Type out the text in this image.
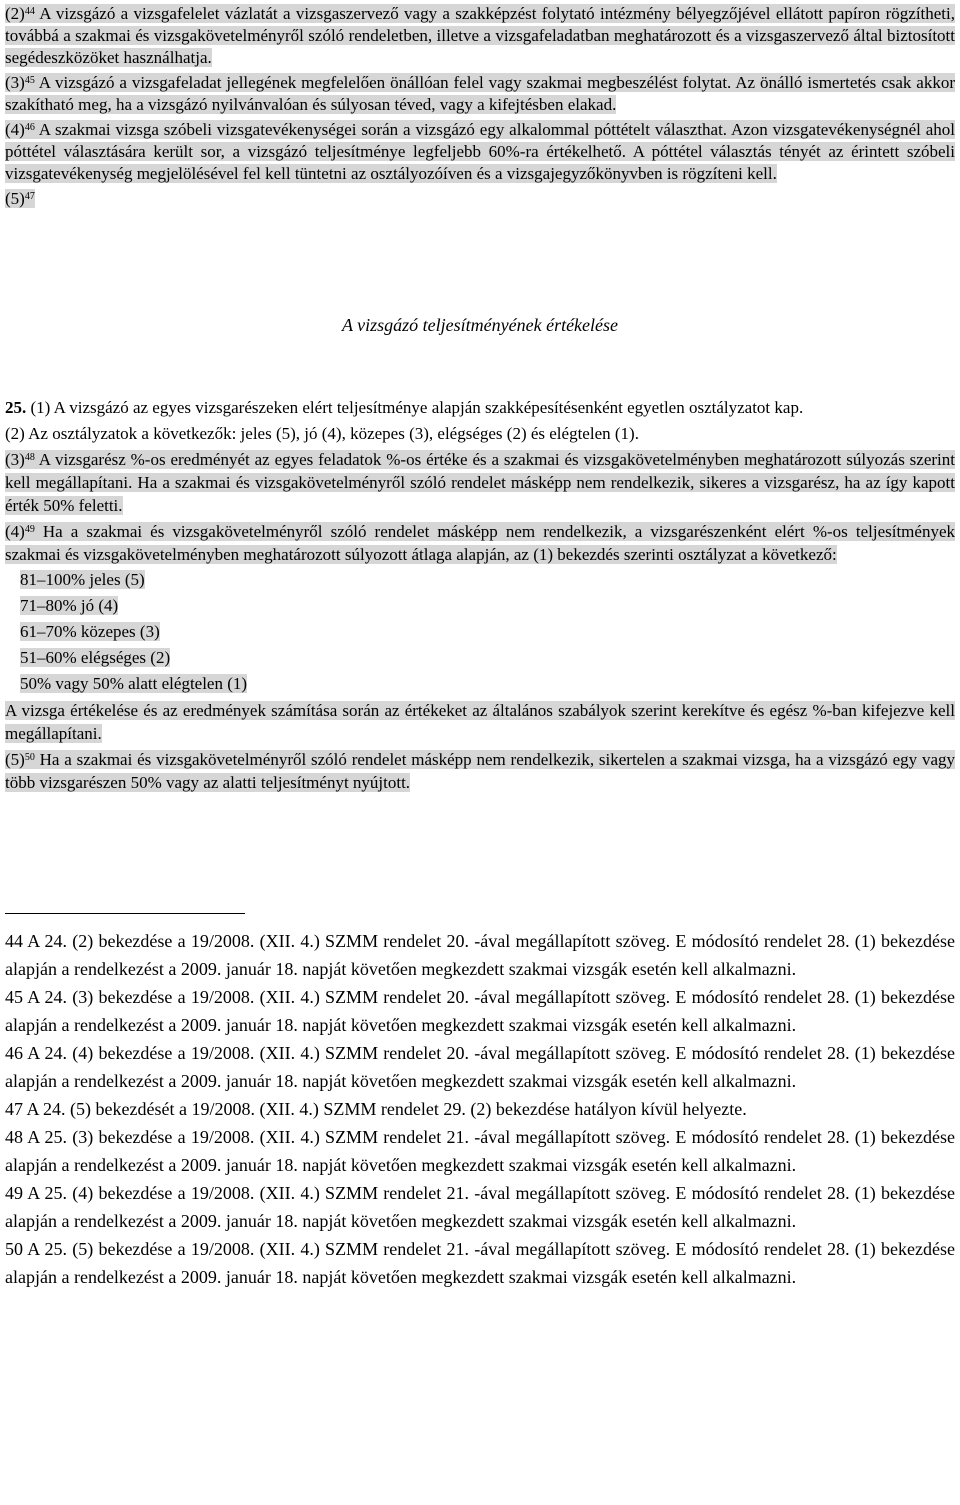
$(2)^{44}$ A vizsgázó a vizsgafelelet vázlatát a vizsgaszervező vagy a szakképzést folytató intézmény bélyegzőjével ellátott papíron rögzítheti, továbbá a szakmai és vizsgakövetelményről szóló rendeletben, illetve a vizsgafeladatban meghatározott és a vizsgaszervező által biztosított segédeszközöket használhatja.

$(3)^{45}$ A vizsgázó a vizsgafeladat jellegének megfelelően önállóan felel vagy szakmai megbeszélést folytat. Az önálló ismertetés csak akkor szakítható meg, ha a vizsgázó nyilvánvalóan és súlyosan téved, vagy a kifejtésben elakad.

$(4)^{46}$ A szakmai vizsga szóbeli vizsgatevékenységei során a vizsgázó egy alkalommal póttételt választhat. Azon vizsgatevékenységnél ahol póttétel választására került sor, a vizsgázó teljesítménye legfeljebb 60%-ra értékelhető. A póttétel választás tényét az érintett szóbeli vizsgatevékenység megjelölésével fel kell tüntetni az osztályozóíven és a vizsgajegyzőkönyvben is rögzíteni kell.

$(5)^{47}$

A vizsgázó teljesítményének értékelése

25. (1) A vizsgázó az egyes vizsgarészeken elért teljesítménye alapján szakképesítésenként egyetlen osztályzatot kap.

(2) Az osztályzatok a következők: jeles (5), jó (4), közepes (3), elégséges (2) és elégtelen (1).

$(3)^{48}$ A vizsgarész %-os eredményét az egyes feladatok %-os értéke és a szakmai és vizsgakövetelményben meghatározott súlyozás szerint kell megállapítani. Ha a szakmai és vizsgakövetelményről szóló rendelet másképp nem rendelkezik, sikeres a vizsgarész, ha az így kapott érték 50% feletti.

$(4)^{49}$ Ha a szakmai és vizsgakövetelményről szóló rendelet másképp nem rendelkezik, a vizsgarészenként elért %-os teljesítmények szakmai és vizsgakövetelményben meghatározott súlyozott átlaga alapján, az (1) bekezdés szerinti osztályzat a következő:

81–100% jeles (5)
71–80% jó (4)
61–70% közepes (3)
51–60% elégséges (2)
50% vagy 50% alatt elégtelen (1)

A vizsga értékelése és az eredmények számítása során az értékeket az általános szabályok szerint kerekítve és egész %-ban kifejezve kell megállapítani.

$(5)^{50}$ Ha a szakmai és vizsgakövetelményről szóló rendelet másképp nem rendelkezik, sikertelen a szakmai vizsga, ha a vizsgázó egy vagy több vizsgarészen 50% vagy az alatti teljesítményt nyújtott.

44 A 24. (2) bekezdése a 19/2008. (XII. 4.) SZMM rendelet 20. -ával megállapított szöveg. E módosító rendelet 28. (1) bekezdése alapján a rendelkezést a 2009. január 18. napját követően megkezdett szakmai vizsgák esetén kell alkalmazni.

45 A 24. (3) bekezdése a 19/2008. (XII. 4.) SZMM rendelet 20. -ával megállapított szöveg. E módosító rendelet 28. (1) bekezdése alapján a rendelkezést a 2009. január 18. napját követően megkezdett szakmai vizsgák esetén kell alkalmazni.

46 A 24. (4) bekezdése a 19/2008. (XII. 4.) SZMM rendelet 20. -ával megállapított szöveg. E módosító rendelet 28. (1) bekezdése alapján a rendelkezést a 2009. január 18. napját követően megkezdett szakmai vizsgák esetén kell alkalmazni.

47 A 24. (5) bekezdését a 19/2008. (XII. 4.) SZMM rendelet 29. (2) bekezdése hatályon kívül helyezte.

48 A 25. (3) bekezdése a 19/2008. (XII. 4.) SZMM rendelet 21. -ával megállapított szöveg. E módosító rendelet 28. (1) bekezdése alapján a rendelkezést a 2009. január 18. napját követően megkezdett szakmai vizsgák esetén kell alkalmazni.

49 A 25. (4) bekezdése a 19/2008. (XII. 4.) SZMM rendelet 21. -ával megállapított szöveg. E módosító rendelet 28. (1) bekezdése alapján a rendelkezést a 2009. január 18. napját követően megkezdett szakmai vizsgák esetén kell alkalmazni.

50 A 25. (5) bekezdése a 19/2008. (XII. 4.) SZMM rendelet 21. -ával megállapított szöveg. E módosító rendelet 28. (1) bekezdése alapján a rendelkezést a 2009. január 18. napját követően megkezdett szakmai vizsgák esetén kell alkalmazni.
